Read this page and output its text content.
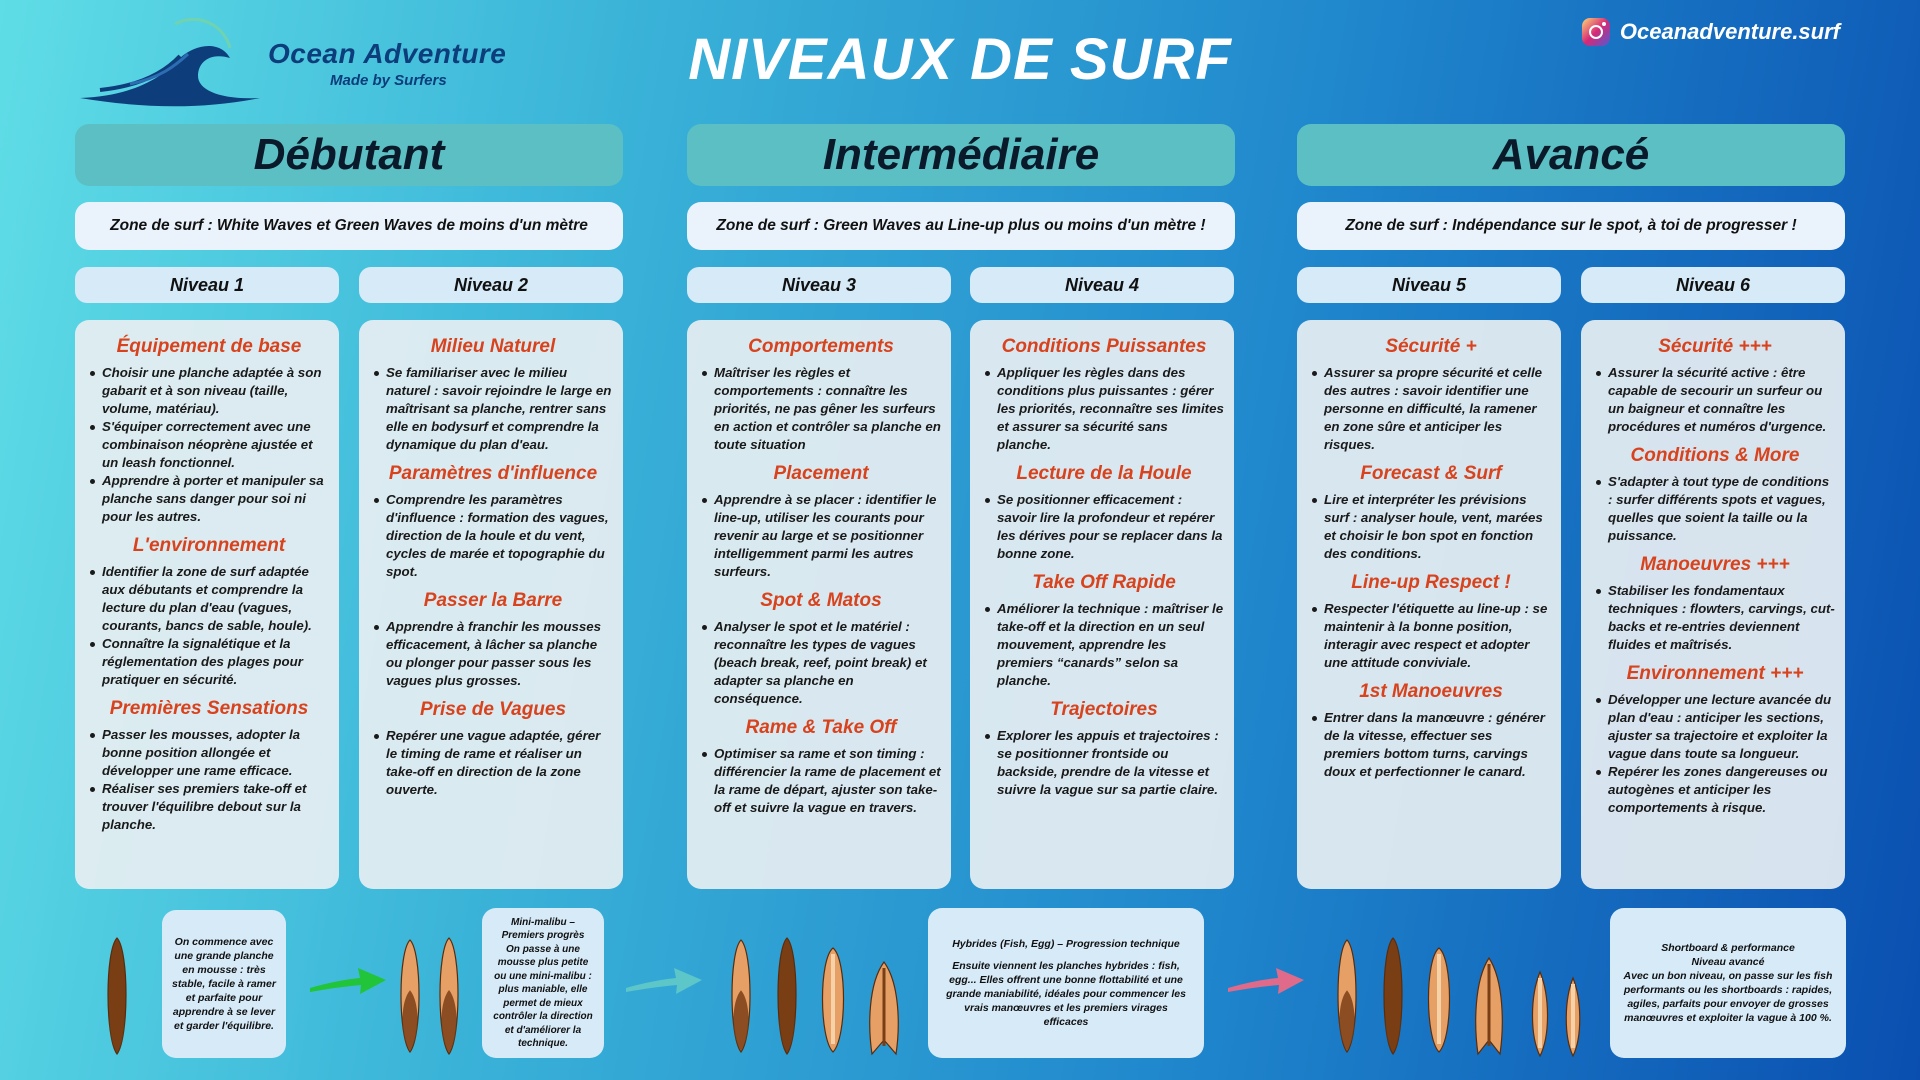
Ocean Adventure
Made by Surfers	NIVEAUX DE SURF	Oceanadventure.surf
Débutant	Intermédiaire	Avancé
Zone de surf : White Waves et Green Waves de moins d'un mètre	Zone de surf : Green Waves au Line-up plus ou moins d'un mètre !	Zone de surf : Indépendance sur le spot, à toi de progresser !
Niveau 1	Niveau 2	Niveau 3	Niveau 4	Niveau 5	Niveau 6
Équipement de base
Choisir une planche adaptée à son gabarit et à son niveau (taille, volume, matériau).
S'équiper correctement avec une combinaison néoprène ajustée et un leash fonctionnel.
Apprendre à porter et manipuler sa planche sans danger pour soi ni pour les autres.
L'environnement
Identifier la zone de surf adaptée aux débutants et comprendre la lecture du plan d'eau (vagues, courants, bancs de sable, houle).
Connaître la signalétique et la réglementation des plages pour pratiquer en sécurité.
Premières Sensations
Passer les mousses, adopter la bonne position allongée et développer une rame efficace.
Réaliser ses premiers take-off et trouver l'équilibre debout sur la planche.
Milieu Naturel
Se familiariser avec le milieu naturel : savoir rejoindre le large en maîtrisant sa planche, rentrer sans elle en bodysurf et comprendre la dynamique du plan d'eau.
Paramètres d'influence
Comprendre les paramètres d'influence : formation des vagues, direction de la houle et du vent, cycles de marée et topographie du spot.
Passer la Barre
Apprendre à franchir les mousses efficacement, à lâcher sa planche ou plonger pour passer sous les vagues plus grosses.
Prise de Vagues
Repérer une vague adaptée, gérer le timing de rame et réaliser un take-off en direction de la zone ouverte.
Comportements
Maîtriser les règles et comportements : connaître les priorités, ne pas gêner les surfeurs en action et contrôler sa planche en toute situation
Placement
Apprendre à se placer : identifier le line-up, utiliser les courants pour revenir au large et se positionner intelligemment parmi les autres surfeurs.
Spot & Matos
Analyser le spot et le matériel : reconnaître les types de vagues (beach break, reef, point break) et adapter sa planche en conséquence.
Rame & Take Off
Optimiser sa rame et son timing : différencier la rame de placement et la rame de départ, ajuster son take-off et suivre la vague en travers.
Conditions Puissantes
Appliquer les règles dans des conditions plus puissantes : gérer les priorités, reconnaître ses limites et assurer sa sécurité sans planche.
Lecture de la Houle
Se positionner efficacement : savoir lire la profondeur et repérer les dérives pour se replacer dans la bonne zone.
Take Off Rapide
Améliorer la technique : maîtriser le take-off et la direction en un seul mouvement, apprendre les premiers “canards” selon sa planche.
Trajectoires
Explorer les appuis et trajectoires : se positionner frontside ou backside, prendre de la vitesse et suivre la vague sur sa partie claire.
Sécurité +
Assurer sa propre sécurité et celle des autres : savoir identifier une personne en difficulté, la ramener en zone sûre et anticiper les risques.
Forecast & Surf
Lire et interpréter les prévisions surf : analyser houle, vent, marées et choisir le bon spot en fonction des conditions.
Line-up Respect !
Respecter l'étiquette au line-up : se maintenir à la bonne position, interagir avec respect et adopter une attitude conviviale.
1st Manoeuvres
Entrer dans la manœuvre : générer de la vitesse, effectuer ses premiers bottom turns, carvings doux et perfectionner le canard.
Sécurité +++
Assurer la sécurité active : être capable de secourir un surfeur ou un baigneur et connaître les procédures et numéros d'urgence.
Conditions & More
S'adapter à tout type de conditions : surfer différents spots et vagues, quelles que soient la taille ou la puissance.
Manoeuvres +++
Stabiliser les fondamentaux techniques : flowters, carvings, cut-backs et re-entries deviennent fluides et maîtrisés.
Environnement +++
Développer une lecture avancée du plan d'eau : anticiper les sections, ajuster sa trajectoire et exploiter la vague dans toute sa longueur.
Repérer les zones dangereuses ou autogènes et anticiper les comportements à risque.
On commence avec
une grande planche
en mousse : très
stable, facile à ramer
et parfaite pour
apprendre à se lever
et garder l'équilibre.
Mini-malibu –
Premiers progrès
On passe à une
mousse plus petite
ou une mini-malibu :
plus maniable, elle
permet de mieux
contrôler la direction
et d'améliorer la
technique.
Hybrides (Fish, Egg) – Progression technique
Ensuite viennent les planches hybrides : fish,
egg... Elles offrent une bonne flottabilité et une
grande maniabilité, idéales pour commencer les
vrais manœuvres et les premiers virages
efficaces
Shortboard & performance
Niveau avancé
Avec un bon niveau, on passe sur les fish
performants ou les shortboards : rapides,
agiles, parfaits pour envoyer de grosses
manœuvres et exploiter la vague à 100 %.
